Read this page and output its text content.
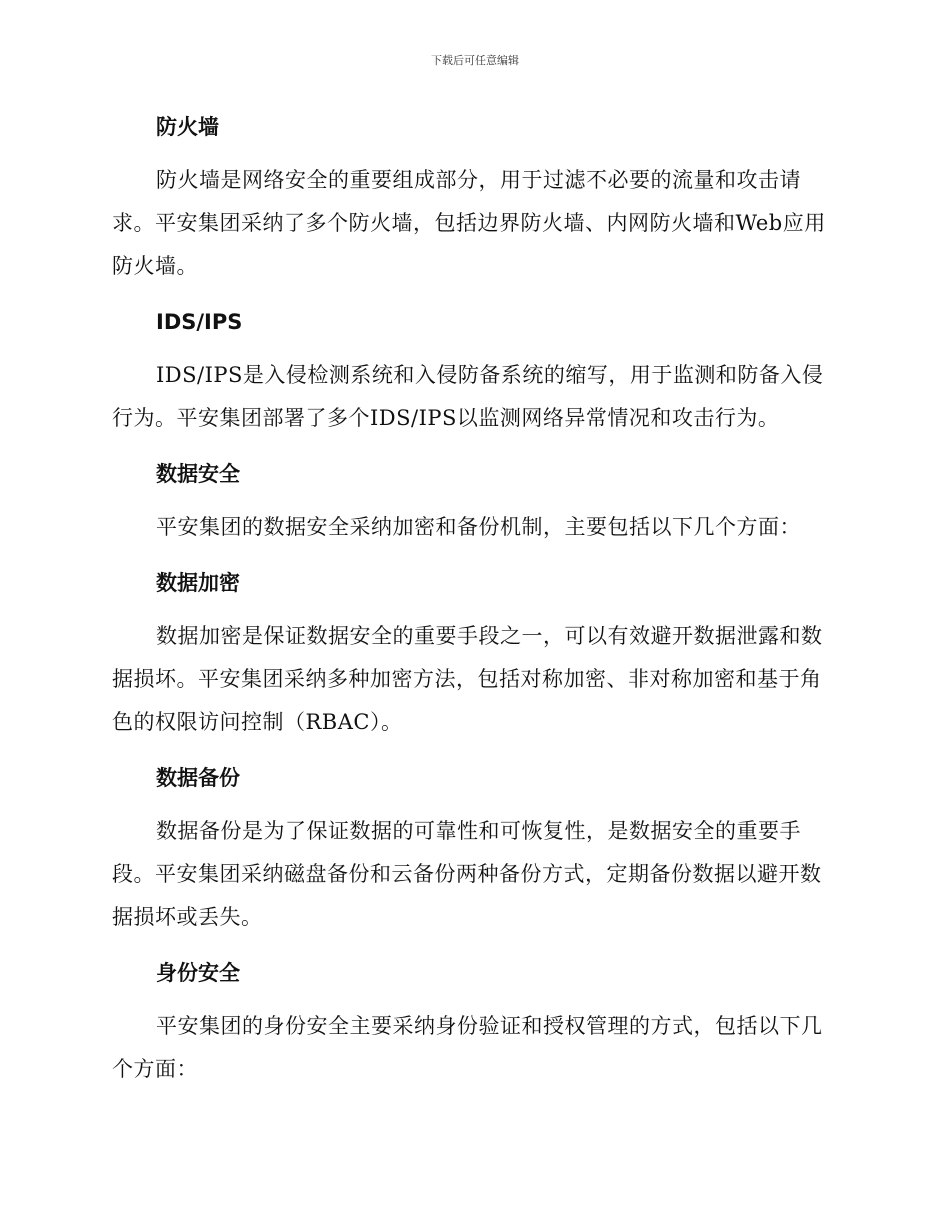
下载后可任意编辑
防火墙

防火墙是网络安全的重要组成部分，用于过滤不必要的流量和攻击请求。平安集团采纳了多个防火墙，包括边界防火墙、内网防火墙和Web应用防火墙。

IDS/IPS

IDS/IPS是入侵检测系统和入侵防备系统的缩写，用于监测和防备入侵行为。平安集团部署了多个IDS/IPS以监测网络异常情况和攻击行为。

数据安全

平安集团的数据安全采纳加密和备份机制，主要包括以下几个方面：

数据加密

数据加密是保证数据安全的重要手段之一，可以有效避开数据泄露和数据损坏。平安集团采纳多种加密方法，包括对称加密、非对称加密和基于角色的权限访问控制（RBAC）。

数据备份

数据备份是为了保证数据的可靠性和可恢复性，是数据安全的重要手段。平安集团采纳磁盘备份和云备份两种备份方式，定期备份数据以避开数据损坏或丢失。

身份安全

平安集团的身份安全主要采纳身份验证和授权管理的方式，包括以下几个方面：
